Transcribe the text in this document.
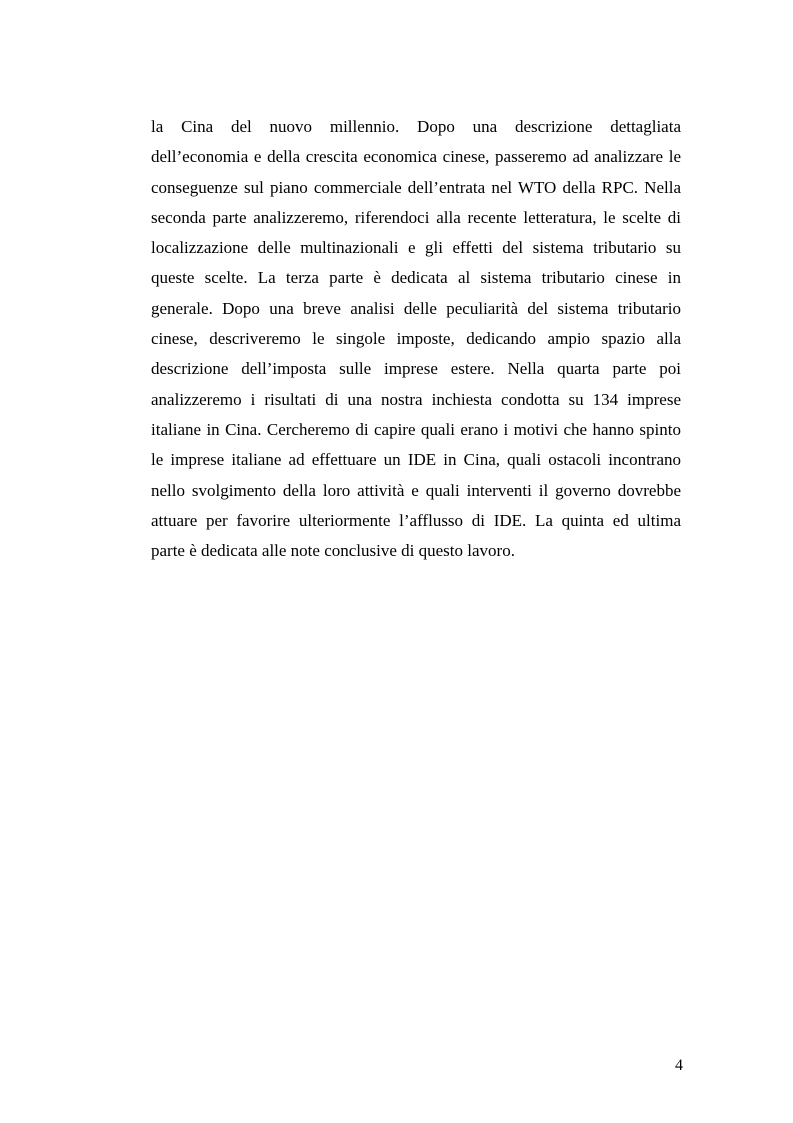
la Cina del nuovo millennio. Dopo una descrizione dettagliata
dell’economia e della crescita economica cinese, passeremo ad analizzare le
conseguenze sul piano commerciale dell’entrata nel WTO della RPC. Nella
seconda parte analizzeremo, riferendoci alla recente letteratura, le scelte di
localizzazione delle multinazionali e gli effetti del sistema tributario su
queste scelte. La terza parte è dedicata al sistema tributario cinese in
generale. Dopo una breve analisi delle peculiarità del sistema tributario
cinese, descriveremo le singole imposte, dedicando ampio spazio alla
descrizione dell’imposta sulle imprese estere. Nella quarta parte poi
analizzeremo i risultati di una nostra inchiesta condotta su 134 imprese
italiane in Cina. Cercheremo di capire quali erano i motivi che hanno spinto
le imprese italiane ad effettuare un IDE in Cina, quali ostacoli incontrano
nello svolgimento della loro attività e quali interventi il governo dovrebbe
attuare per favorire ulteriormente l’afflusso di IDE. La quinta ed ultima
parte è dedicata alle note conclusive di questo lavoro.
4
